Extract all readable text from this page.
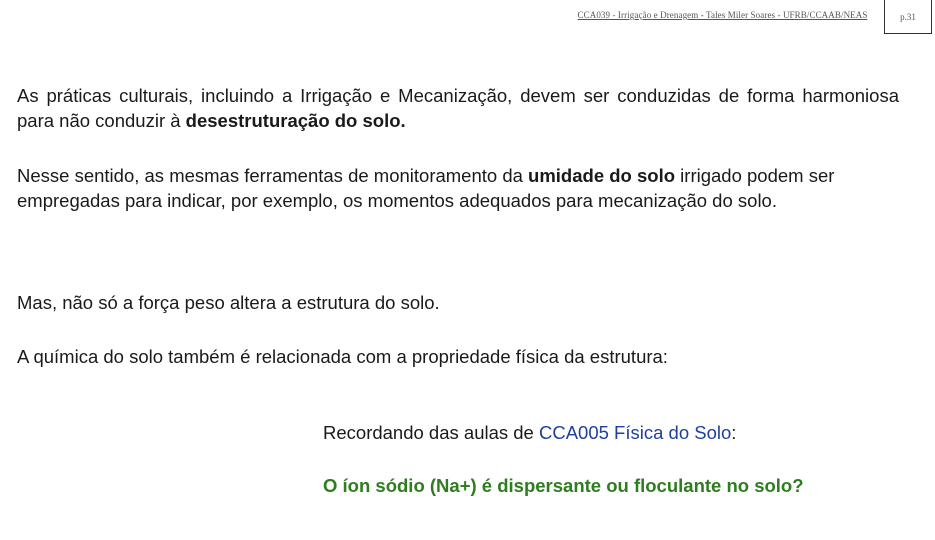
CCA039 - Irrigação e Drenagem - Tales Miler Soares - UFRB/CCAAB/NEAS	p.31
As práticas culturais, incluindo a Irrigação e Mecanização, devem ser conduzidas de forma harmoniosa para não conduzir à desestruturação do solo.
Nesse sentido, as mesmas ferramentas de monitoramento da umidade do solo irrigado podem ser empregadas para indicar, por exemplo, os momentos adequados para mecanização do solo.
Mas, não só a força peso altera a estrutura do solo.
A química do solo também é relacionada com a propriedade física da estrutura:
Recordando das aulas de CCA005 Física do Solo:
O íon sódio (Na+) é dispersante ou floculante no solo?
